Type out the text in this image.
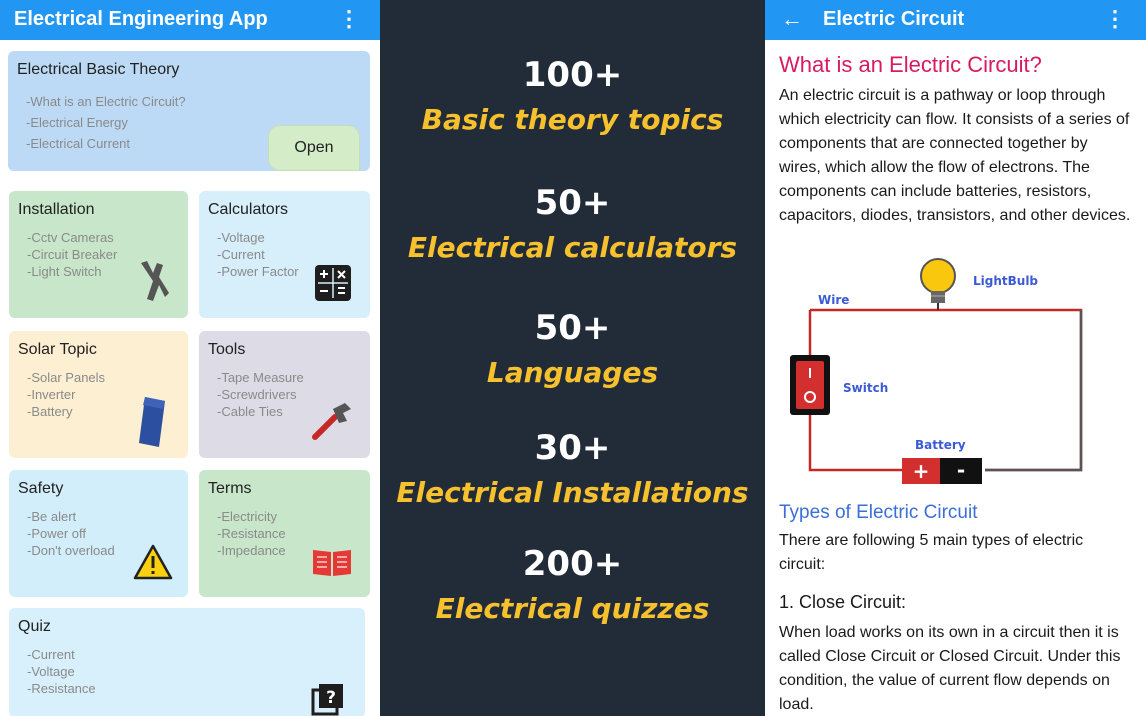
Electrical Engineering App	⋮
Electrical Basic Theory
-What is an Electric Circuit?
-Electrical Energy
-Electrical Current	Open
Installation
-Cctv Cameras
-Circuit Breaker
-Light Switch
Calculators
-Voltage
-Current
-Power Factor
Solar Topic
-Solar Panels
-Inverter
-Battery
Tools
-Tape Measure
-Screwdrivers
-Cable Ties
Safety
-Be alert
-Power off
-Don't overload
Terms
-Electricity
-Resistance
-Impedance
Quiz
-Current
-Voltage
-Resistance	?
100+
Basic theory topics
50+
Electrical calculators
50+
Languages
30+
Electrical Installations
200+
Electrical quizzes
← Electric Circuit	⋮
What is an Electric Circuit?
An electric circuit is a pathway or loop through which electricity can flow. It consists of a series of components that are connected together by wires, which allow the flow of electrons. The components can include batteries, resistors, capacitors, diodes, transistors, and other devices.
+ -
Wire
LightBulb
Switch
Battery
Types of Electric Circuit
There are following 5 main types of electric circuit:
1. Close Circuit:
When load works on its own in a circuit then it is called Close Circuit or Closed Circuit. Under this condition, the value of current flow depends on load.
